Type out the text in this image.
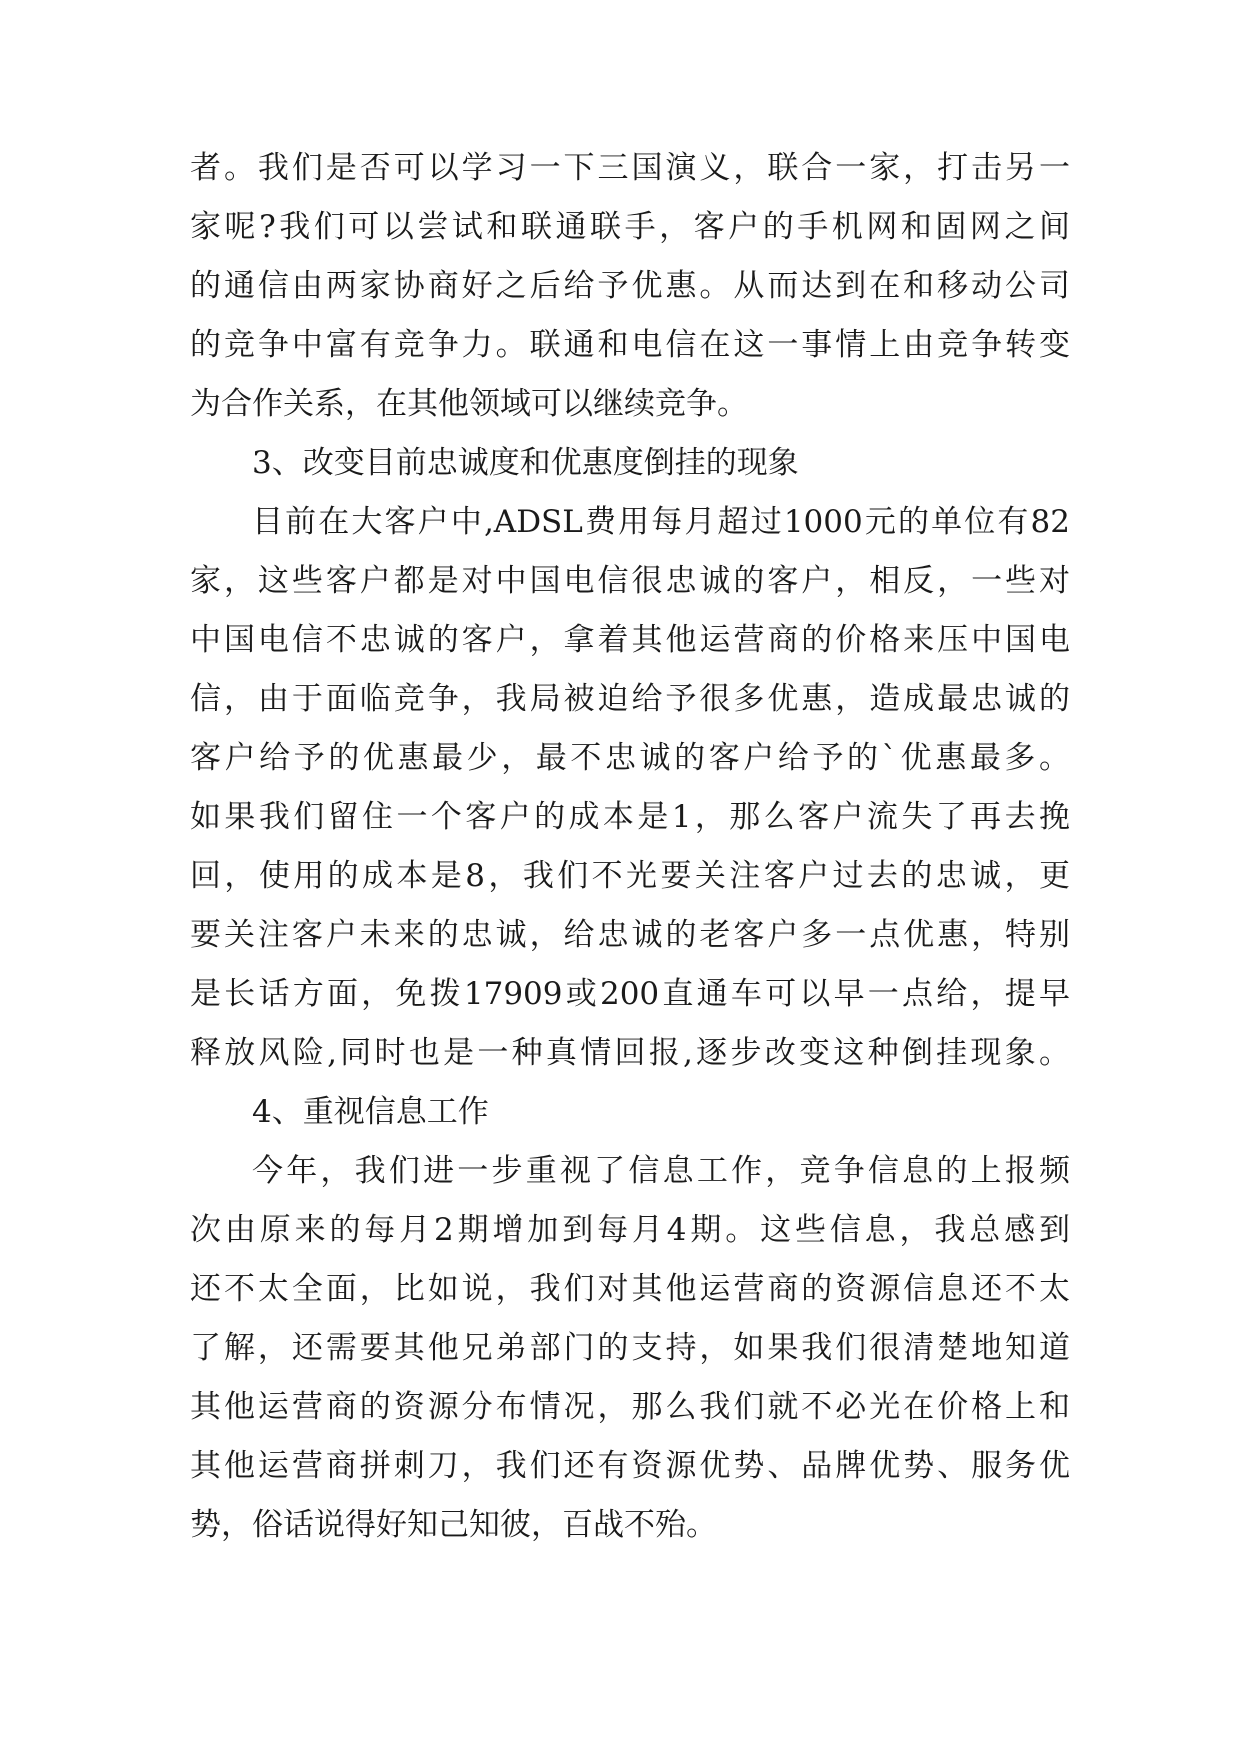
者。我们是否可以学习一下三国演义，联合一家，打击另一

家呢?我们可以尝试和联通联手，客户的手机网和固网之间

的通信由两家协商好之后给予优惠。从而达到在和移动公司

的竞争中富有竞争力。联通和电信在这一事情上由竞争转变

为合作关系，在其他领域可以继续竞争。

3、改变目前忠诚度和优惠度倒挂的现象

目前在大客户中,ADSL费用每月超过1000元的单位有82

家，这些客户都是对中国电信很忠诚的客户，相反，一些对

中国电信不忠诚的客户，拿着其他运营商的价格来压中国电

信，由于面临竞争，我局被迫给予很多优惠，造成最忠诚的

客户给予的优惠最少，最不忠诚的客户给予的`优惠最多。

如果我们留住一个客户的成本是1，那么客户流失了再去挽

回，使用的成本是8，我们不光要关注客户过去的忠诚，更

要关注客户未来的忠诚，给忠诚的老客户多一点优惠，特别

是长话方面，免拨17909或200直通车可以早一点给，提早

释放风险,同时也是一种真情回报,逐步改变这种倒挂现象。

4、重视信息工作

今年，我们进一步重视了信息工作，竞争信息的上报频

次由原来的每月2期增加到每月4期。这些信息，我总感到

还不太全面，比如说，我们对其他运营商的资源信息还不太

了解，还需要其他兄弟部门的支持，如果我们很清楚地知道

其他运营商的资源分布情况，那么我们就不必光在价格上和

其他运营商拼刺刀，我们还有资源优势、品牌优势、服务优

势，俗话说得好知己知彼，百战不殆。
